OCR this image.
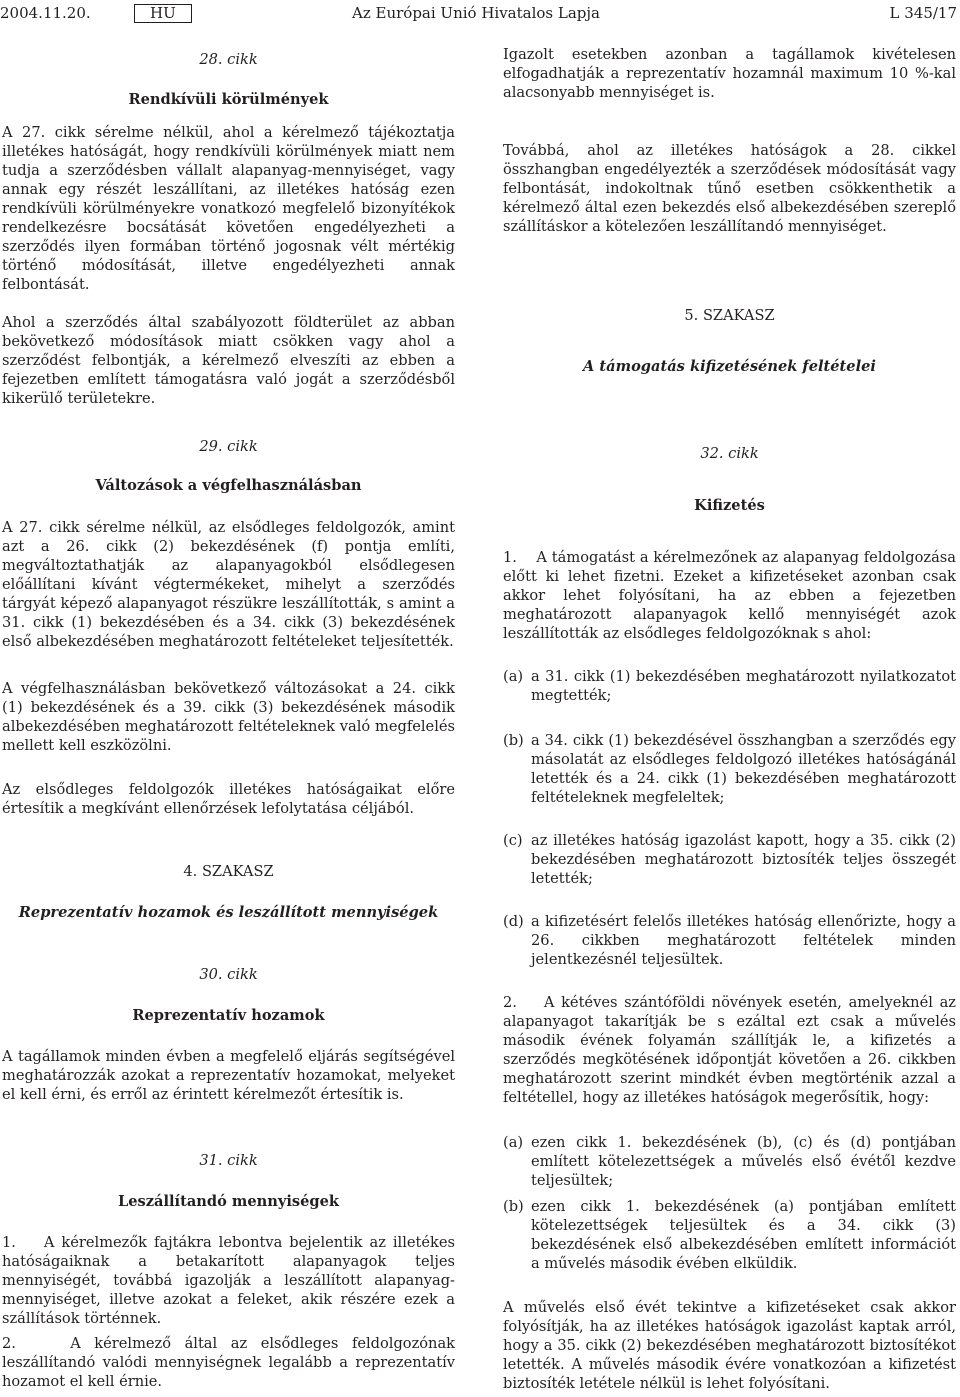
2004.11.20.	HU	Az Európai Unió Hivatalos Lapja	L 345/17
28. cikk
Rendkívüli körülmények
A 27. cikk sérelme nélkül, ahol a kérelmező tájékoztatja illetékes hatóságát, hogy rendkívüli körülmények miatt nem tudja a szerződésben vállalt alapanyag-mennyiséget, vagy annak egy részét leszállítani, az illetékes hatóság ezen rendkívüli körülményekre vonatkozó megfelelő bizonyítékok rendelkezésre bocsátását követően engedélyezheti a szerződés ilyen formában történő jogosnak vélt mértékig történő módosítását, illetve engedélyezheti annak felbontását.
Ahol a szerződés által szabályozott földterület az abban bekövetkező módosítások miatt csökken vagy ahol a szerződést felbontják, a kérelmező elveszíti az ebben a fejezetben említett támogatásra való jogát a szerződésből kikerülő területekre.
29. cikk
Változások a végfelhasználásban
A 27. cikk sérelme nélkül, az elsődleges feldolgozók, amint azt a 26. cikk (2) bekezdésének (f) pontja említi, megváltoztathatják az alapanyagokból elsődlegesen előállítani kívánt végtermékeket, mihelyt a szerződés tárgyát képező alapanyagot részükre leszállították, s amint a 31. cikk (1) bekezdésében és a 34. cikk (3) bekezdésének első albekezdésében meghatározott feltételeket teljesítették.
A végfelhasználásban bekövetkező változásokat a 24. cikk (1) bekezdésének és a 39. cikk (3) bekezdésének második albekezdésében meghatározott feltételeknek való megfelelés mellett kell eszközölni.
Az elsődleges feldolgozók illetékes hatóságaikat előre értesítik a megkívánt ellenőrzések lefolytatása céljából.
4. SZAKASZ
Reprezentatív hozamok és leszállított mennyiségek
30. cikk
Reprezentatív hozamok
A tagállamok minden évben a megfelelő eljárás segítségével meghatározzák azokat a reprezentatív hozamokat, melyeket el kell érni, és erről az érintett kérelmezőt értesítik is.
31. cikk
Leszállítandó mennyiségek
1. A kérelmezők fajtákra lebontva bejelentik az illetékes hatóságaiknak a betakarított alapanyagok teljes mennyiségét, továbbá igazolják a leszállított alapanyag-mennyiséget, illetve azokat a feleket, akik részére ezek a szállítások történnek.
2.	A kérelmező által az elsődleges feldolgozónak leszállítandó valódi mennyiségnek legalább a reprezentatív hozamot el kell érnie.
Igazolt esetekben azonban a tagállamok kivételesen elfogadhatják a reprezentatív hozamnál maximum 10 %-kal alacsonyabb mennyiséget is.
Továbbá, ahol az illetékes hatóságok a 28. cikkel összhangban engedélyezték a szerződések módosítását vagy felbontását, indokoltnak tűnő esetben csökkenthetik a kérelmező által ezen bekezdés első albekezdésében szereplő szállításkor a kötelezően leszállítandó mennyiséget.
5. SZAKASZ
A támogatás kifizetésének feltételei
32. cikk
Kifizetés
1. A támogatást a kérelmezőnek az alapanyag feldolgozása előtt ki lehet fizetni. Ezeket a kifizetéseket azonban csak akkor lehet folyósítani, ha az ebben a fejezetben meghatározott alapanyagok kellő mennyiségét azok leszállították az elsődleges feldolgozóknak s ahol:
(a) a 31. cikk (1) bekezdésében meghatározott nyilatkozatot megtették;
(b) a 34. cikk (1) bekezdésével összhangban a szerződés egy másolatát az elsődleges feldolgozó illetékes hatóságánál letették és a 24. cikk (1) bekezdésében meghatározott feltételeknek megfeleltek;
(c) az illetékes hatóság igazolást kapott, hogy a 35. cikk (2) bekezdésében meghatározott biztosíték teljes összegét letették;
(d) a kifizetésért felelős illetékes hatóság ellenőrizte, hogy a 26. cikkben meghatározott feltételek minden jelentkezésnél teljesültek.
2. A kétéves szántóföldi növények esetén, amelyeknél az alapanyagot takarítják be s ezáltal ezt csak a művelés második évének folyamán szállítják le, a kifizetés a szerződés megkötésének időpontját követően a 26. cikkben meghatározott szerint mindkét évben megtörténik azzal a feltétellel, hogy az illetékes hatóságok megerősítik, hogy:
(a) ezen cikk 1. bekezdésének (b), (c) és (d) pontjában említett kötelezettségek a művelés első évétől kezdve teljesültek;
(b) ezen cikk 1. bekezdésének (a) pontjában említett kötelezettségek teljesültek és a 34. cikk (3) bekezdésének első albekezdésében említett információt a művelés második évében elküldik.
A művelés első évét tekintve a kifizetéseket csak akkor folyósítják, ha az illetékes hatóságok igazolást kaptak arról, hogy a 35. cikk (2) bekezdésében meghatározott biztosítékot letették. A művelés második évére vonatkozóan a kifizetést biztosíték letétele nélkül is lehet folyósítani.
